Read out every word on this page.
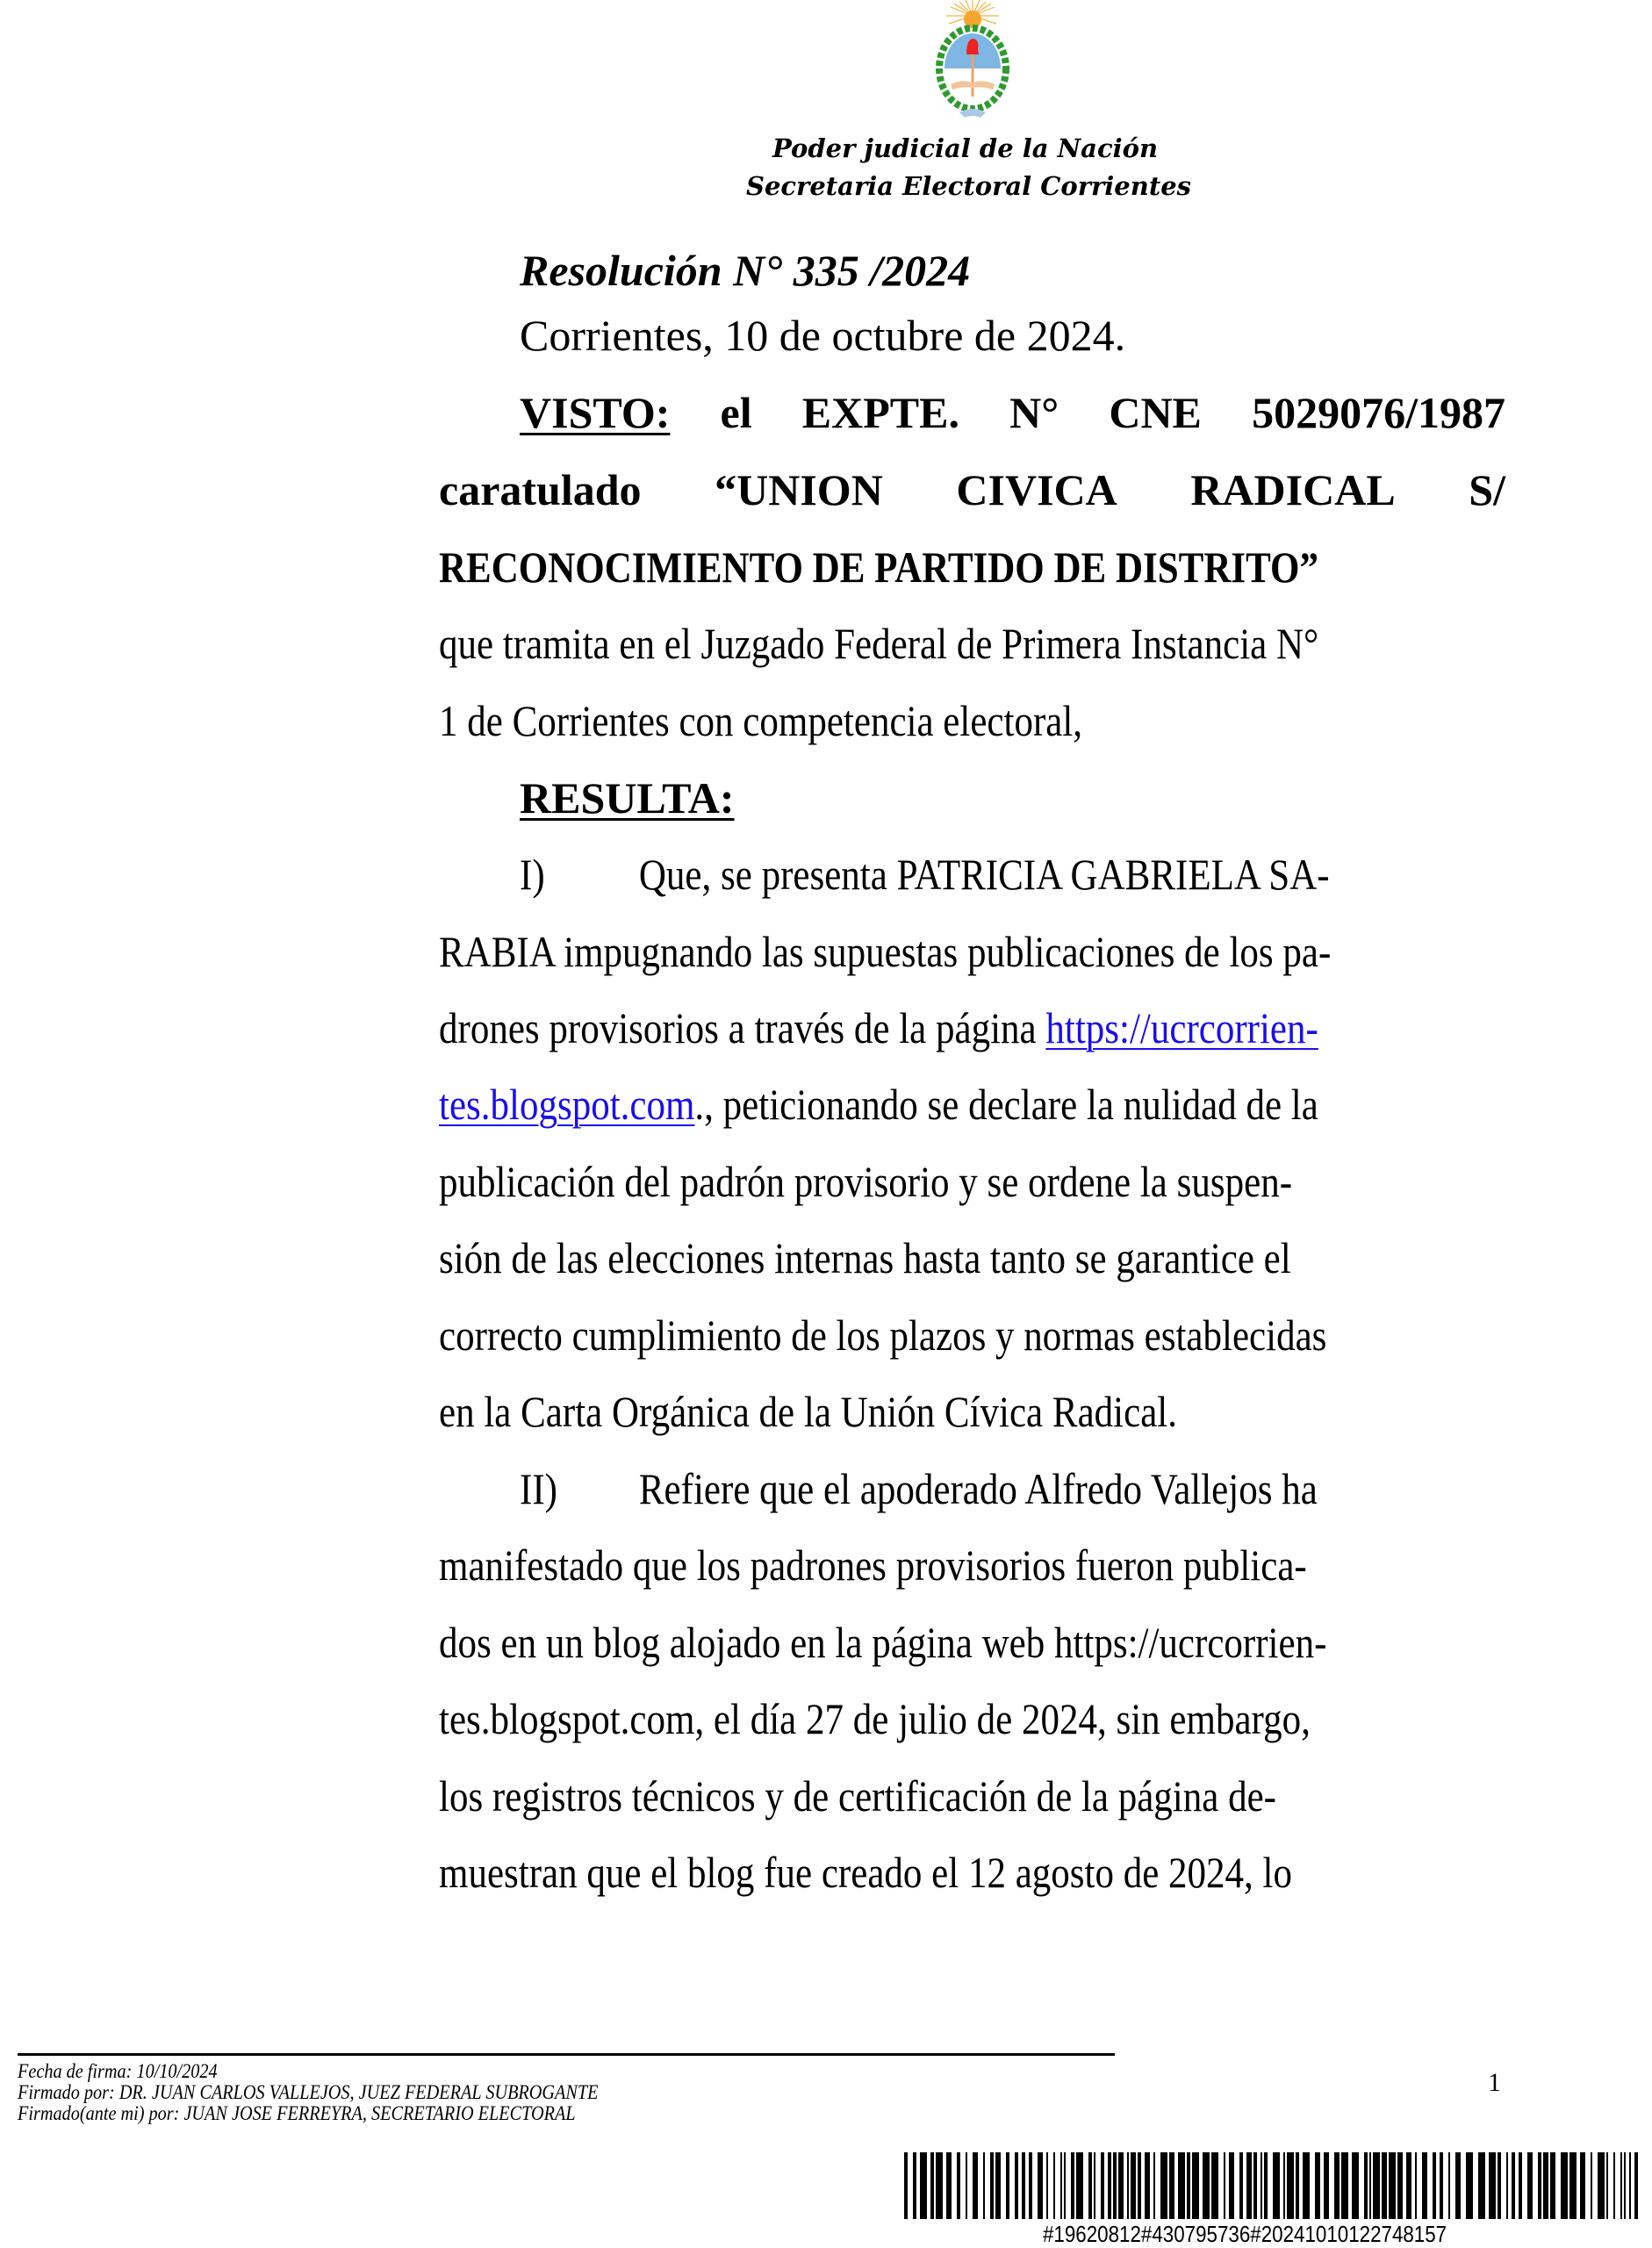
Poder judicial de la Nación
Secretaria Electoral Corrientes
Resolución N° 335 /2024
Corrientes, 10 de octubre de 2024.
VISTO: el EXPTE. N° CNE 5029076/1987
caratulado “UNION CIVICA RADICAL S/
RECONOCIMIENTO DE PARTIDO DE DISTRITO”
que tramita en el Juzgado Federal de Primera Instancia N°
1 de Corrientes con competencia electoral,
RESULTA:
I) Que, se presenta PATRICIA GABRIELA SA-
RABIA impugnando las supuestas publicaciones de los pa-
drones provisorios a través de la página https://ucrcorrien-
tes.blogspot.com., peticionando se declare la nulidad de la
publicación del padrón provisorio y se ordene la suspen-
sión de las elecciones internas hasta tanto se garantice el
correcto cumplimiento de los plazos y normas establecidas
en la Carta Orgánica de la Unión Cívica Radical.
II) Refiere que el apoderado Alfredo Vallejos ha
manifestado que los padrones provisorios fueron publica-
dos en un blog alojado en la página web https://ucrcorrien-
tes.blogspot.com, el día 27 de julio de 2024, sin embargo,
los registros técnicos y de certificación de la página de-
muestran que el blog fue creado el 12 agosto de 2024, lo
Fecha de firma: 10/10/2024
Firmado por: DR. JUAN CARLOS VALLEJOS, JUEZ FEDERAL SUBROGANTE
Firmado(ante mi) por: JUAN JOSE FERREYRA, SECRETARIO ELECTORAL
1
#19620812#430795736#20241010122748157
